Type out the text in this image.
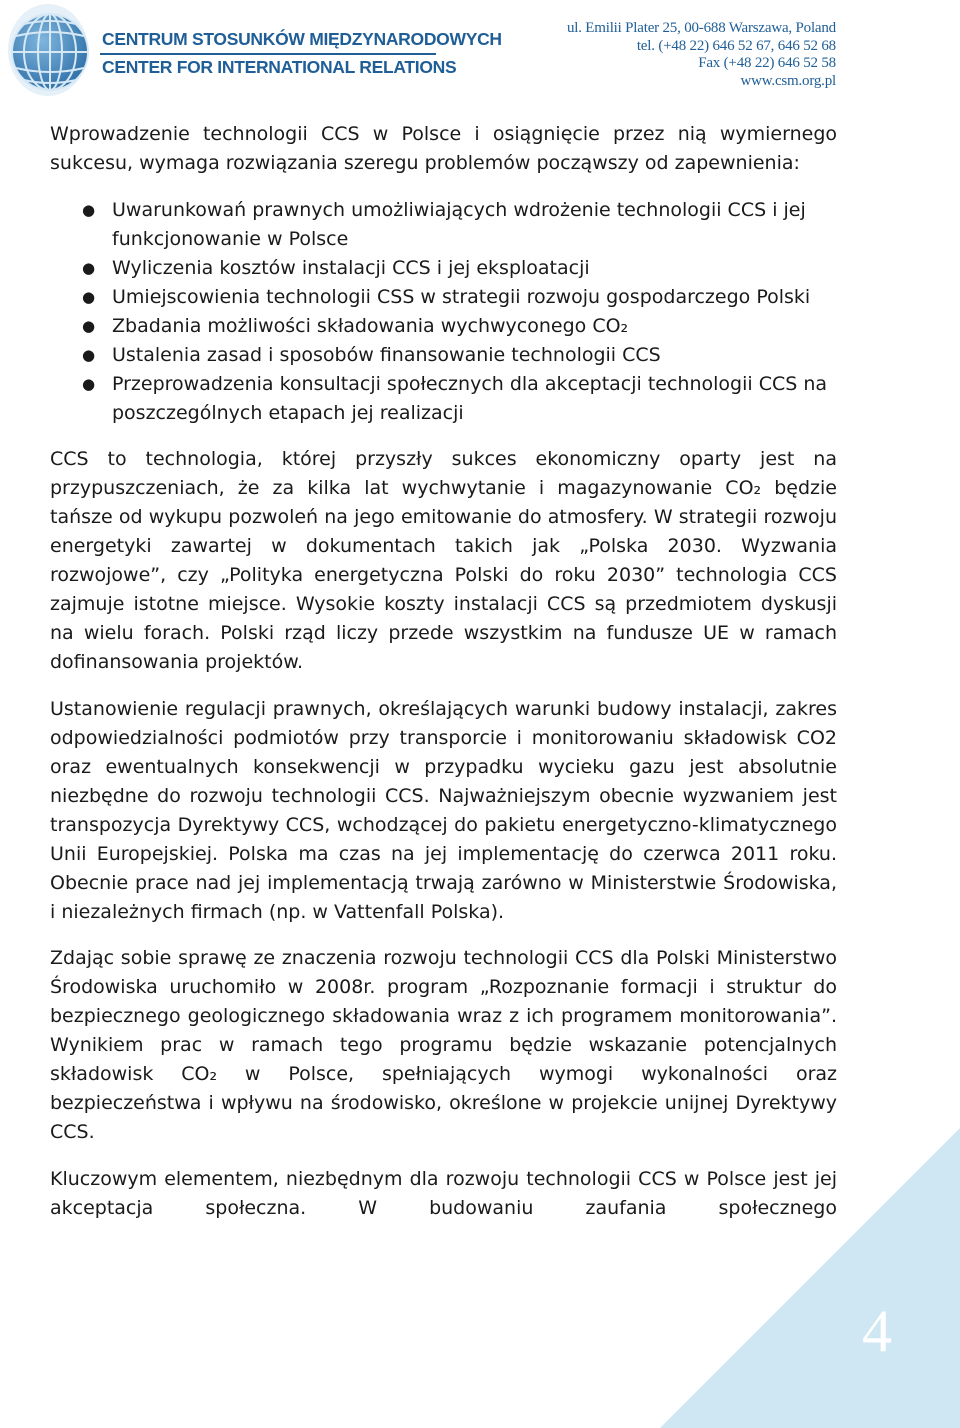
CENTRUM STOSUNKÓW MIĘDZYNARODOWYCH
CENTER FOR INTERNATIONAL RELATIONS
ul. Emilii Plater 25, 00-688 Warszawa, Poland
tel. (+48 22) 646 52 67, 646 52 68
Fax (+48 22) 646 52 58
www.csm.org.pl

Wprowadzenie technologii CCS w Polsce i osiągnięcie przez nią wymiernego sukcesu, wymaga rozwiązania szeregu problemów począwszy od zapewnienia:

● Uwarunkowań prawnych umożliwiających wdrożenie technologii CCS i jej funkcjonowanie w Polsce
● Wyliczenia kosztów instalacji CCS i jej eksploatacji
● Umiejscowienia technologii CSS w strategii rozwoju gospodarczego Polski
● Zbadania możliwości składowania wychwyconego CO₂
● Ustalenia zasad i sposobów finansowanie technologii CCS
● Przeprowadzenia konsultacji społecznych dla akceptacji technologii CCS na poszczególnych etapach jej realizacji

CCS to technologia, której przyszły sukces ekonomiczny oparty jest na przypuszczeniach, że za kilka lat wychwytanie i magazynowanie CO₂ będzie tańsze od wykupu pozwoleń na jego emitowanie do atmosfery. W strategii rozwoju energetyki zawartej w dokumentach takich jak „Polska 2030. Wyzwania rozwojowe”, czy „Polityka energetyczna Polski do roku 2030” technologia CCS zajmuje istotne miejsce. Wysokie koszty instalacji CCS są przedmiotem dyskusji na wielu forach. Polski rząd liczy przede wszystkim na fundusze UE w ramach dofinansowania projektów.

Ustanowienie regulacji prawnych, określających warunki budowy instalacji, zakres odpowiedzialności podmiotów przy transporcie i monitorowaniu składowisk CO2 oraz ewentualnych konsekwencji w przypadku wycieku gazu jest absolutnie niezbędne do rozwoju technologii CCS. Najważniejszym obecnie wyzwaniem jest transpozycja Dyrektywy CCS, wchodzącej do pakietu energetyczno-klimatycznego Unii Europejskiej. Polska ma czas na jej implementację do czerwca 2011 roku. Obecnie prace nad jej implementacją trwają zarówno w Ministerstwie Środowiska, i niezależnych firmach (np. w Vattenfall Polska).

Zdając sobie sprawę ze znaczenia rozwoju technologii CCS dla Polski Ministerstwo Środowiska uruchomiło w 2008r. program „Rozpoznanie formacji i struktur do bezpiecznego geologicznego składowania wraz z ich programem monitorowania”. Wynikiem prac w ramach tego programu będzie wskazanie potencjalnych składowisk CO₂ w Polsce, spełniających wymogi wykonalności oraz bezpieczeństwa i wpływu na środowisko, określone w projekcie unijnej Dyrektywy CCS.

Kluczowym elementem, niezbędnym dla rozwoju technologii CCS w Polsce jest jej akceptacja społeczna. W budowaniu zaufania społecznego

4
